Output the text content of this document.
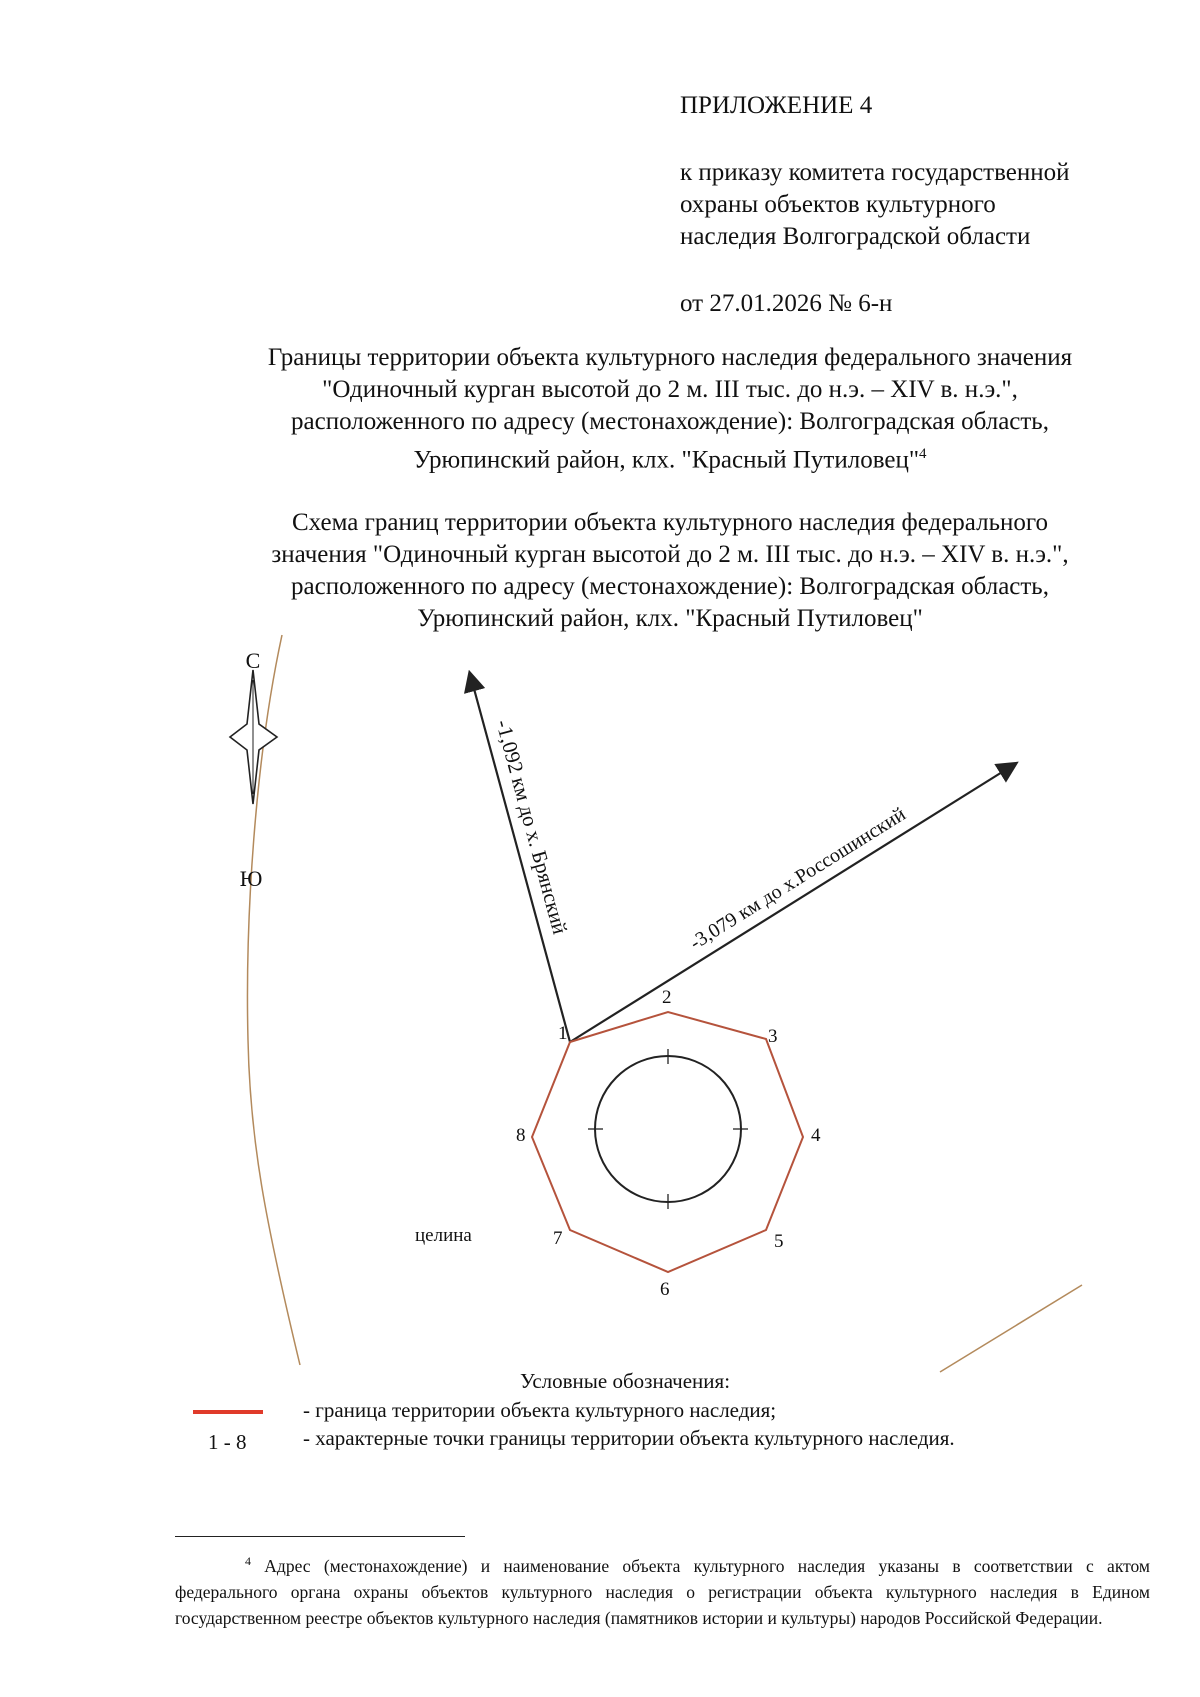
ПРИЛОЖЕНИЕ 4
к приказу комитета государственной
охраны объектов культурного
наследия Волгоградской области
от 27.01.2026 № 6-н
Границы территории объекта культурного наследия федерального значения
"Одиночный курган высотой до 2 м. III тыс. до н.э. – XIV в. н.э.",
расположенного по адресу (местонахождение): Волгоградская область,
Урюпинский район, клх. "Красный Путиловец"$^4$
Схема границ территории объекта культурного наследия федерального
значения "Одиночный курган высотой до 2 м. III тыс. до н.э. – XIV в. н.э.",
расположенного по адресу (местонахождение): Волгоградская область,
Урюпинский район, клх. "Красный Путиловец"
С
Ю	-1,092 км до х. Брянский	-3,079 км до х.Россошинский
1
2
3
4
5
6
7
8
целина
Условные обозначения:
- граница территории объекта культурного наследия;
1 - 8	- характерные точки границы территории объекта культурного наследия.
$^4$ Адрес (местонахождение) и наименование объекта культурного наследия указаны в соответствии с актом федерального органа охраны объектов культурного наследия о регистрации объекта культурного наследия в Едином государственном реестре объектов культурного наследия (памятников истории и культуры) народов Российской Федерации.
